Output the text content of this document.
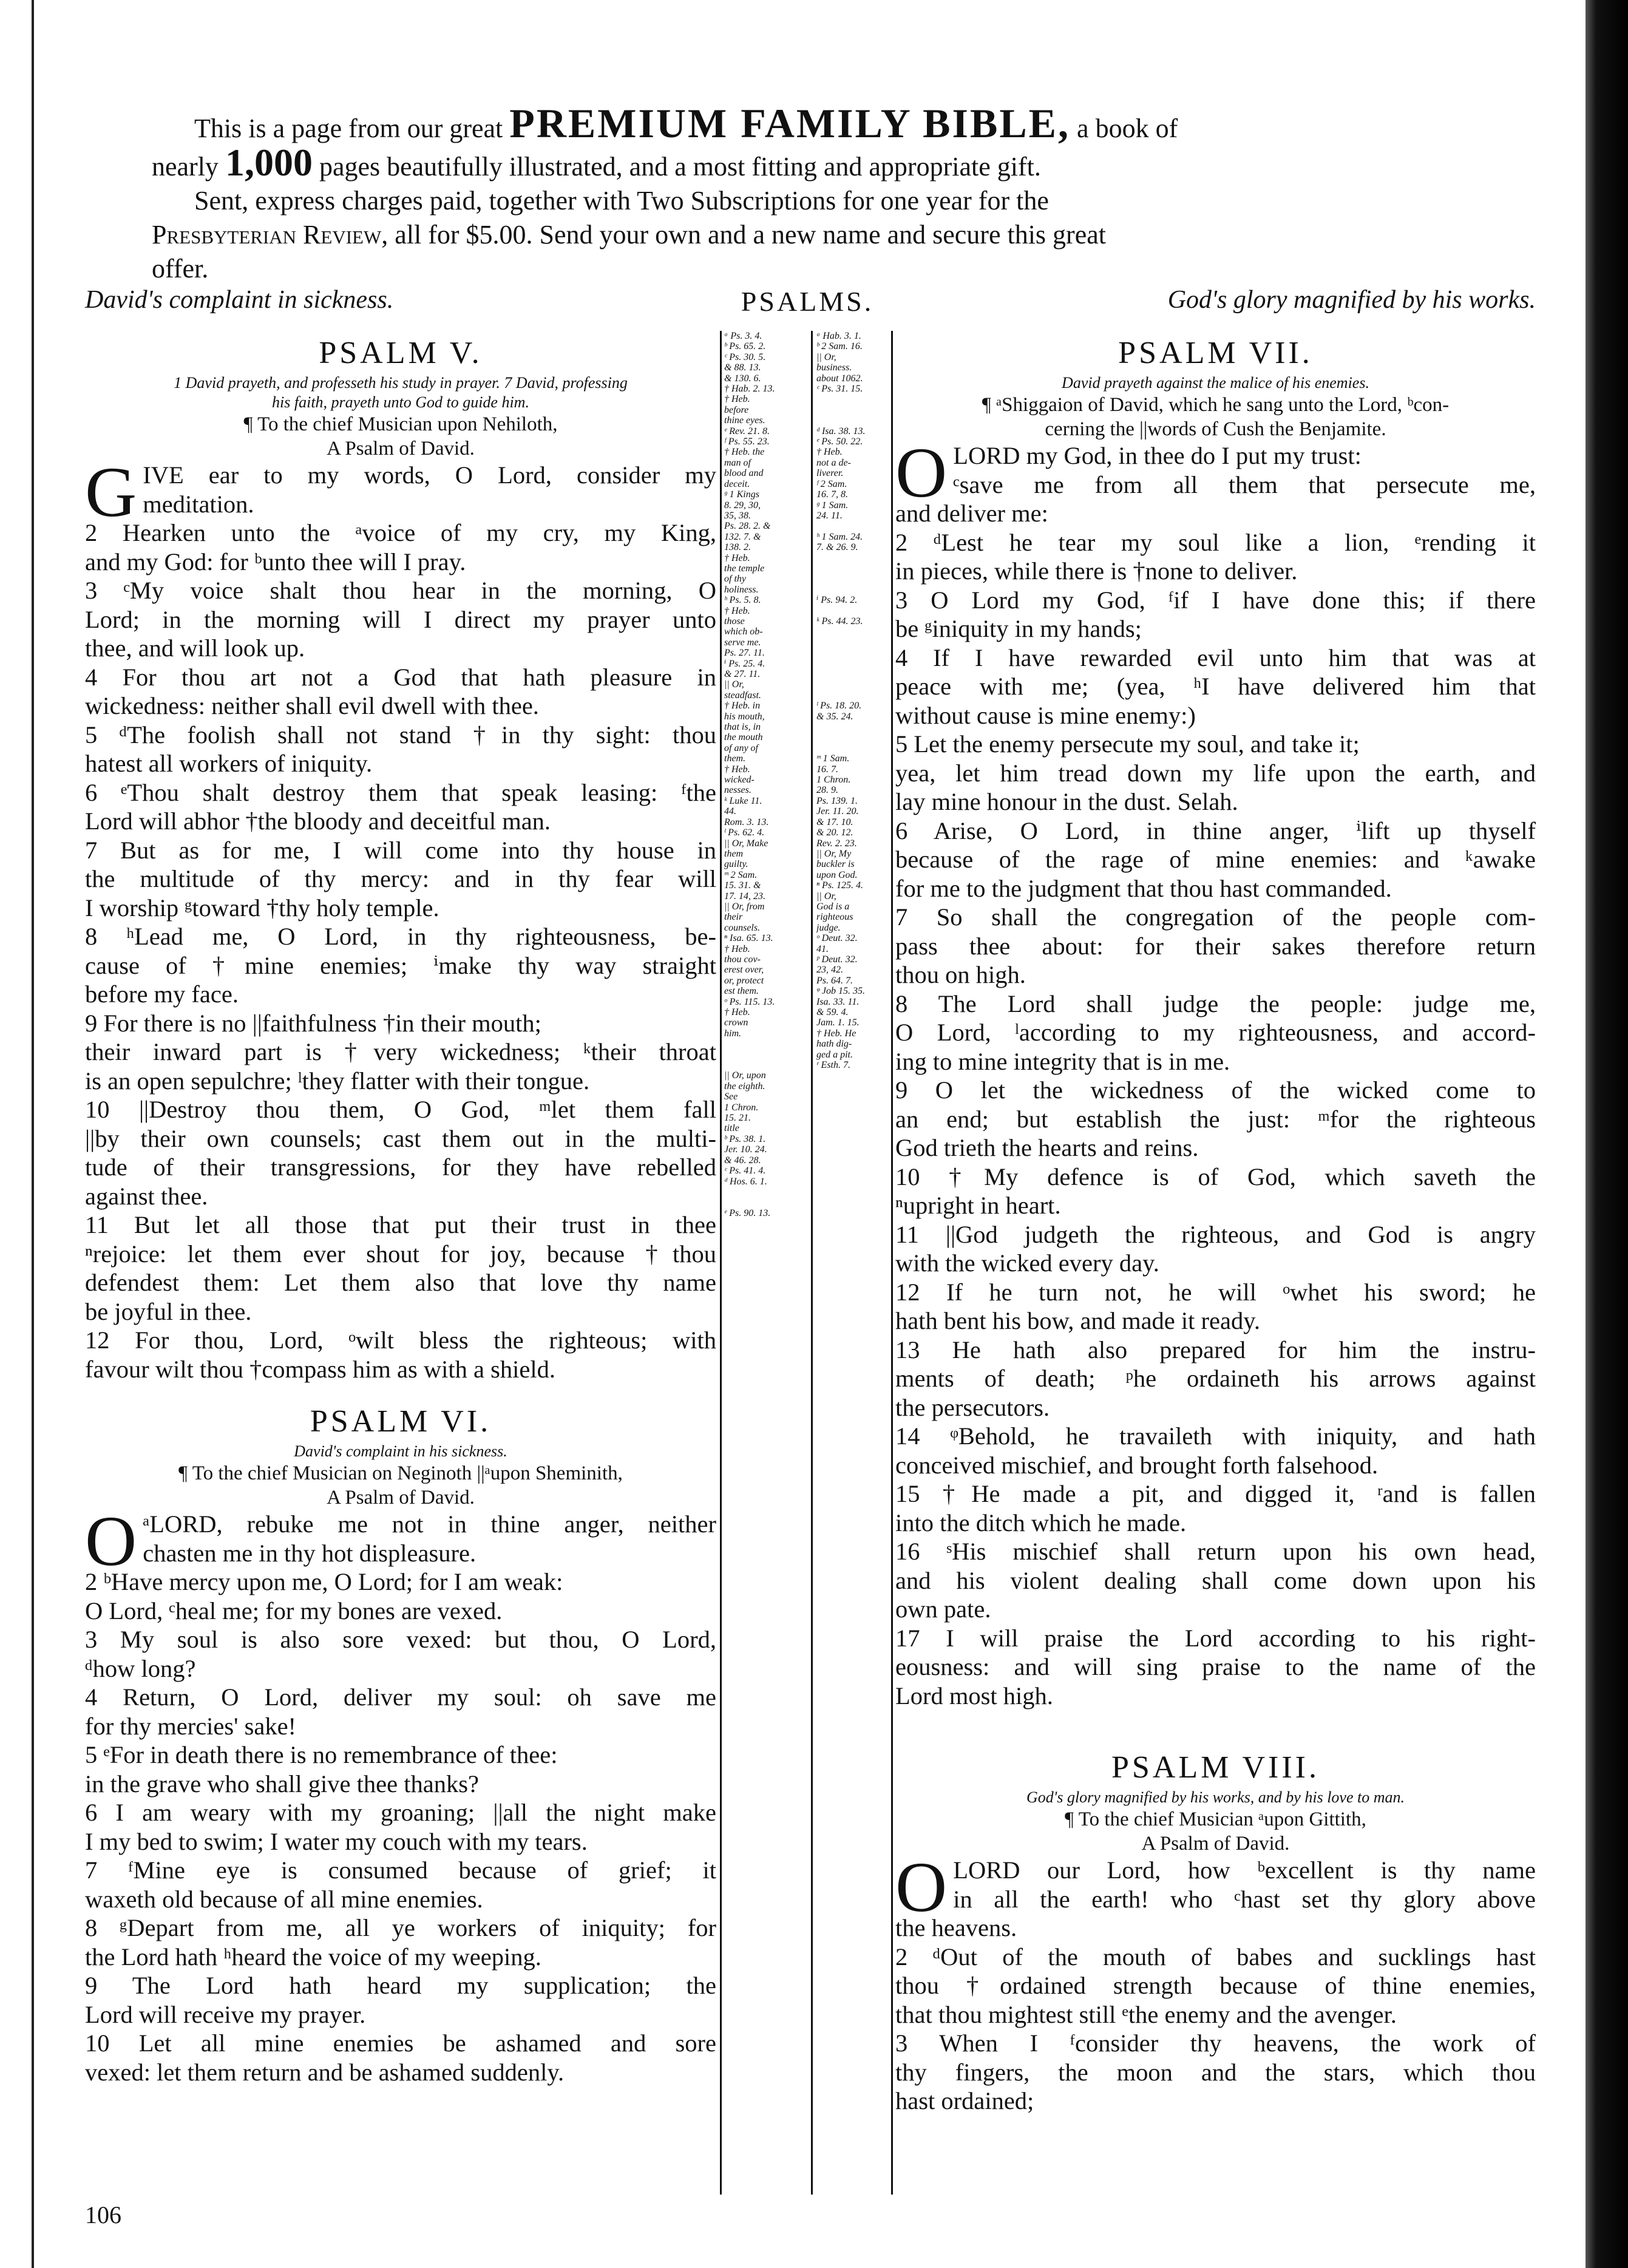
This is a page from our great PREMIUM FAMILY BIBLE, a book of
nearly 1,000 pages beautifully illustrated, and a most fitting and appropriate gift.
Sent, express charges paid, together with Two Subscriptions for one year for the
Presbyterian Review, all for $5.00. Send your own and a new name and secure this great
offer.
David's complaint in sickness.	PSALMS.	God's glory magnified by his works.
PSALM V.
1 David prayeth, and professeth his study in prayer. 7 David, professing
his faith, prayeth unto God to guide him.
¶ To the chief Musician upon Nehiloth,
A Psalm of David.
G IVE ear to my words, O Lord, consider my
meditation.
2 Hearken unto the ᵃvoice of my cry, my King,
and my God: for ᵇunto thee will I pray.
3 ᶜMy voice shalt thou hear in the morning, O
Lord; in the morning will I direct my prayer unto
thee, and will look up.
4 For thou art not a God that hath pleasure in
wickedness: neither shall evil dwell with thee.
5 ᵈThe foolish shall not stand †in thy sight: thou
hatest all workers of iniquity.
6 ᵉThou shalt destroy them that speak leasing: ᶠthe
Lord will abhor †the bloody and deceitful man.
7 But as for me, I will come into thy house in
the multitude of thy mercy: and in thy fear will
I worship ᵍtoward †thy holy temple.
8 ʰLead me, O Lord, in thy righteousness, be-
cause of †mine enemies; ⁱmake thy way straight
before my face.
9 For there is no ||faithfulness †in their mouth;
their inward part is †very wickedness; ᵏtheir throat
is an open sepulchre; ˡthey flatter with their tongue.
10 ||Destroy thou them, O God, ᵐlet them fall
||by their own counsels; cast them out in the multi-
tude of their transgressions, for they have rebelled
against thee.
11 But let all those that put their trust in thee
ⁿrejoice: let them ever shout for joy, because †thou
defendest them: Let them also that love thy name
be joyful in thee.
12 For thou, Lord, ᵒwilt bless the righteous; with
favour wilt thou †compass him as with a shield.
PSALM VI.
David's complaint in his sickness.
¶ To the chief Musician on Neginoth ||ᵃupon Sheminith,
A Psalm of David.
O ᵃLORD, rebuke me not in thine anger, neither
chasten me in thy hot displeasure.
2 ᵇHave mercy upon me, O Lord; for I am weak:
O Lord, ᶜheal me; for my bones are vexed.
3 My soul is also sore vexed: but thou, O Lord,
ᵈhow long?
4 Return, O Lord, deliver my soul: oh save me
for thy mercies' sake!
5 ᵉFor in death there is no remembrance of thee:
in the grave who shall give thee thanks?
6 I am weary with my groaning; ||all the night make
I my bed to swim; I water my couch with my tears.
7 ᶠMine eye is consumed because of grief; it
waxeth old because of all mine enemies.
8 ᵍDepart from me, all ye workers of iniquity; for
the Lord hath ʰheard the voice of my weeping.
9 The Lord hath heard my supplication; the
Lord will receive my prayer.
10 Let all mine enemies be ashamed and sore
vexed: let them return and be ashamed suddenly.
ᵃ Ps. 3. 4.
ᵇ Ps. 65. 2.
ᶜ Ps. 30. 5.
& 88. 13.
& 130. 6.
† Hab. 2. 13.
† Heb.
before
thine eyes.
ᵉ Rev. 21. 8.
ᶠ Ps. 55. 23.
† Heb. the
man of
blood and
deceit.
ᵍ 1 Kings
8. 29, 30,
35, 38.
Ps. 28. 2. &
132. 7. &
138. 2.
† Heb.
the temple
of thy
holiness.
ʰ Ps. 5. 8.
† Heb.
those
which ob-
serve me.
Ps. 27. 11.
ⁱ Ps. 25. 4.
& 27. 11.
|| Or,
steadfast.
† Heb. in
his mouth,
that is, in
the mouth
of any of
them.
† Heb.
wicked-
nesses.
ᵏ Luke 11.
44.
Rom. 3. 13.
ˡ Ps. 62. 4.
|| Or, Make
them
guilty.
ᵐ 2 Sam.
15. 31. &
17. 14, 23.
|| Or, from
their
counsels.
ⁿ Isa. 65. 13.
† Heb.
thou cov-
erest over,
or, protect
est them.
ᵒ Ps. 115. 13.
† Heb.
crown
him.

|| Or, upon
the eighth.
See
1 Chron.
15. 21.
title
ᵇ Ps. 38. 1.
Jer. 10. 24.
& 46. 28.
ᶜ Ps. 41. 4.
ᵈ Hos. 6. 1.

ᵉ Ps. 90. 13.

ᵃ Hab. 3. 1.
ᵇ 2 Sam. 16.
|| Or,
business.
about 1062.
ᶜ Ps. 31. 15.

ᵈ Isa. 38. 13.
ᵉ Ps. 50. 22.
† Heb.
not a de-
liverer.
ᶠ 2 Sam.
16. 7, 8.
ᵍ 1 Sam.
24. 11.

ʰ 1 Sam. 24.
7. & 26. 9.

ⁱ Ps. 94. 2.

ᵏ Ps. 44. 23.

ˡ Ps. 18. 20.
& 35. 24.

ᵐ 1 Sam.
16. 7.
1 Chron.
28. 9.
Ps. 139. 1.
Jer. 11. 20.
& 17. 10.
& 20. 12.
Rev. 2. 23.
|| Or, My
buckler is
upon God.
ⁿ Ps. 125. 4.
|| Or,
God is a
righteous
judge.
ᵒ Deut. 32.
41.
ᵖ Deut. 32.
23, 42.
Ps. 64. 7.
ᵠ Job 15. 35.
Isa. 33. 11.
& 59. 4.
Jam. 1. 15.
† Heb. He
hath dig-
ged a pit.
ʳ Esth. 7.
PSALM VII.
David prayeth against the malice of his enemies.
¶ ᵃShiggaion of David, which he sang unto the Lord, ᵇcon-
cerning the ||words of Cush the Benjamite.
O LORD my God, in thee do I put my trust:
ᶜsave me from all them that persecute me,
and deliver me:
2 ᵈLest he tear my soul like a lion, ᵉrending it
in pieces, while there is †none to deliver.
3 O Lord my God, ᶠif I have done this; if there
be ᵍiniquity in my hands;
4 If I have rewarded evil unto him that was at
peace with me; (yea, ʰI have delivered him that
without cause is mine enemy:)
5 Let the enemy persecute my soul, and take it;
yea, let him tread down my life upon the earth, and
lay mine honour in the dust. Selah.
6 Arise, O Lord, in thine anger, ⁱlift up thyself
because of the rage of mine enemies: and ᵏawake
for me to the judgment that thou hast commanded.
7 So shall the congregation of the people com-
pass thee about: for their sakes therefore return
thou on high.
8 The Lord shall judge the people: judge me,
O Lord, ˡaccording to my righteousness, and accord-
ing to mine integrity that is in me.
9 O let the wickedness of the wicked come to
an end; but establish the just: ᵐfor the righteous
God trieth the hearts and reins.
10 †My defence is of God, which saveth the
ⁿupright in heart.
11 ||God judgeth the righteous, and God is angry
with the wicked every day.
12 If he turn not, he will ᵒwhet his sword; he
hath bent his bow, and made it ready.
13 He hath also prepared for him the instru-
ments of death; ᵖhe ordaineth his arrows against
the persecutors.
14 ᵠBehold, he travaileth with iniquity, and hath
conceived mischief, and brought forth falsehood.
15 †He made a pit, and digged it, ʳand is fallen
into the ditch which he made.
16 ˢHis mischief shall return upon his own head,
and his violent dealing shall come down upon his
own pate.
17 I will praise the Lord according to his right-
eousness: and will sing praise to the name of the
Lord most high.
PSALM VIII.
God's glory magnified by his works, and by his love to man.
¶ To the chief Musician ᵃupon Gittith,
A Psalm of David.
O LORD our Lord, how ᵇexcellent is thy name
in all the earth! who ᶜhast set thy glory above
the heavens.
2 ᵈOut of the mouth of babes and sucklings hast
thou †ordained strength because of thine enemies,
that thou mightest still ᵉthe enemy and the avenger.
3 When I ᶠconsider thy heavens, the work of
thy fingers, the moon and the stars, which thou
hast ordained;
106
